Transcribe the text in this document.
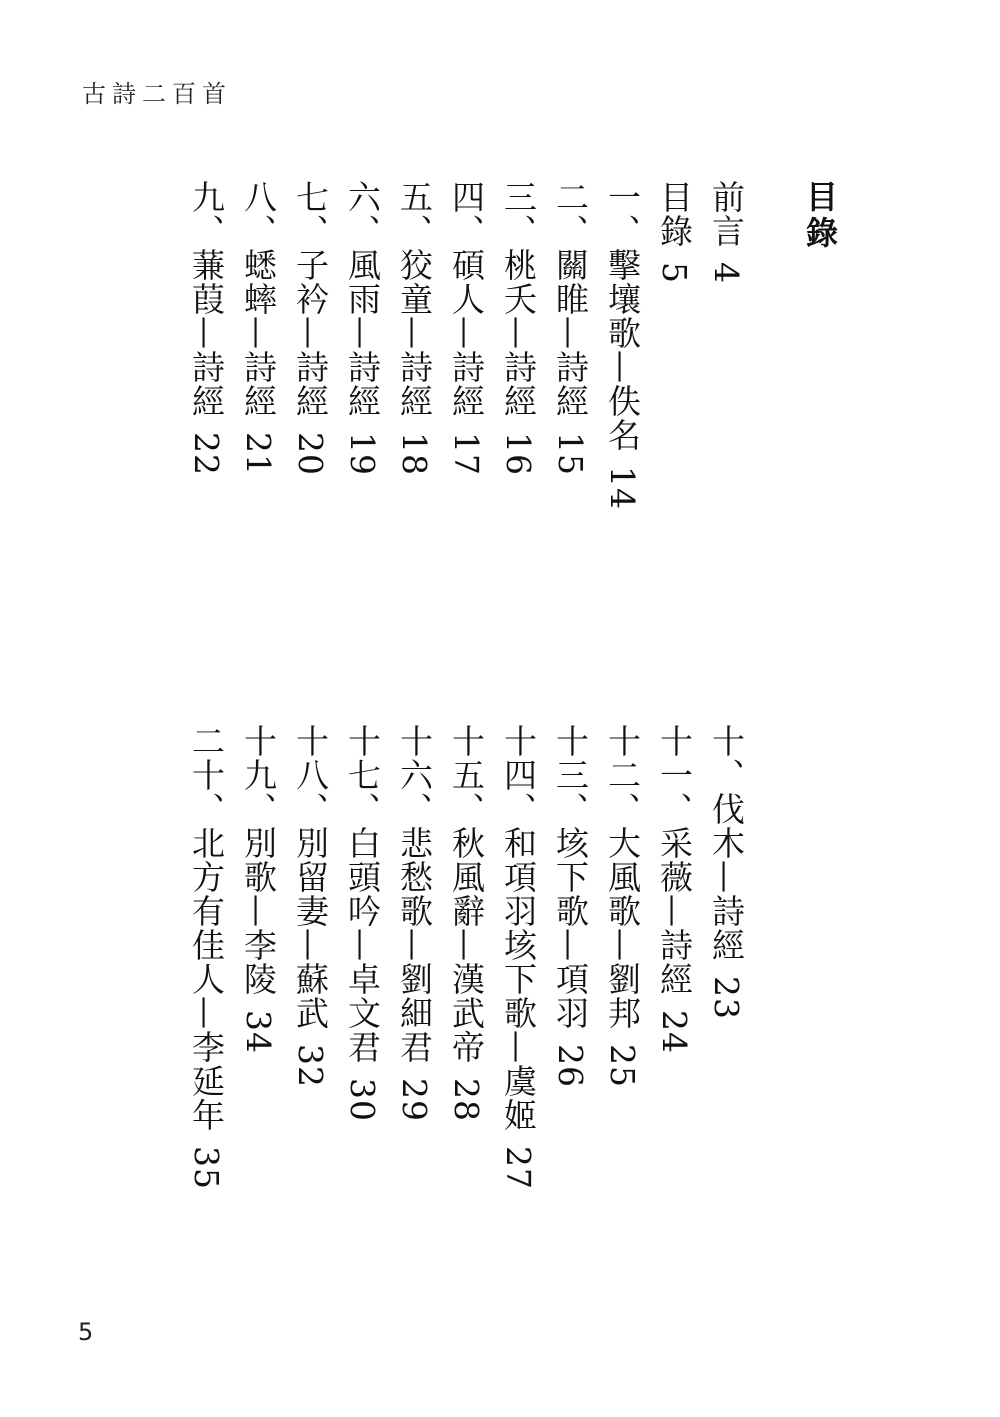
古詩二百首
目錄
前言4
目錄5
一、擊壤歌—佚名14
二、關睢—詩經15
三、桃夭—詩經16
四、碩人—詩經17
五、狡童—詩經18
六、風雨—詩經19
七、子衿—詩經20
八、蟋蟀—詩經21
九、蒹葭—詩經22
十、伐木—詩經23
十一、采薇—詩經24
十二、大風歌—劉邦25
十三、垓下歌—項羽26
十四、和項羽垓下歌—虞姬27
十五、秋風辭—漢武帝28
十六、悲愁歌—劉細君29
十七、白頭吟—卓文君30
十八、別留妻—蘇武32
十九、別歌—李陵34
二十、北方有佳人—李延年35
5
